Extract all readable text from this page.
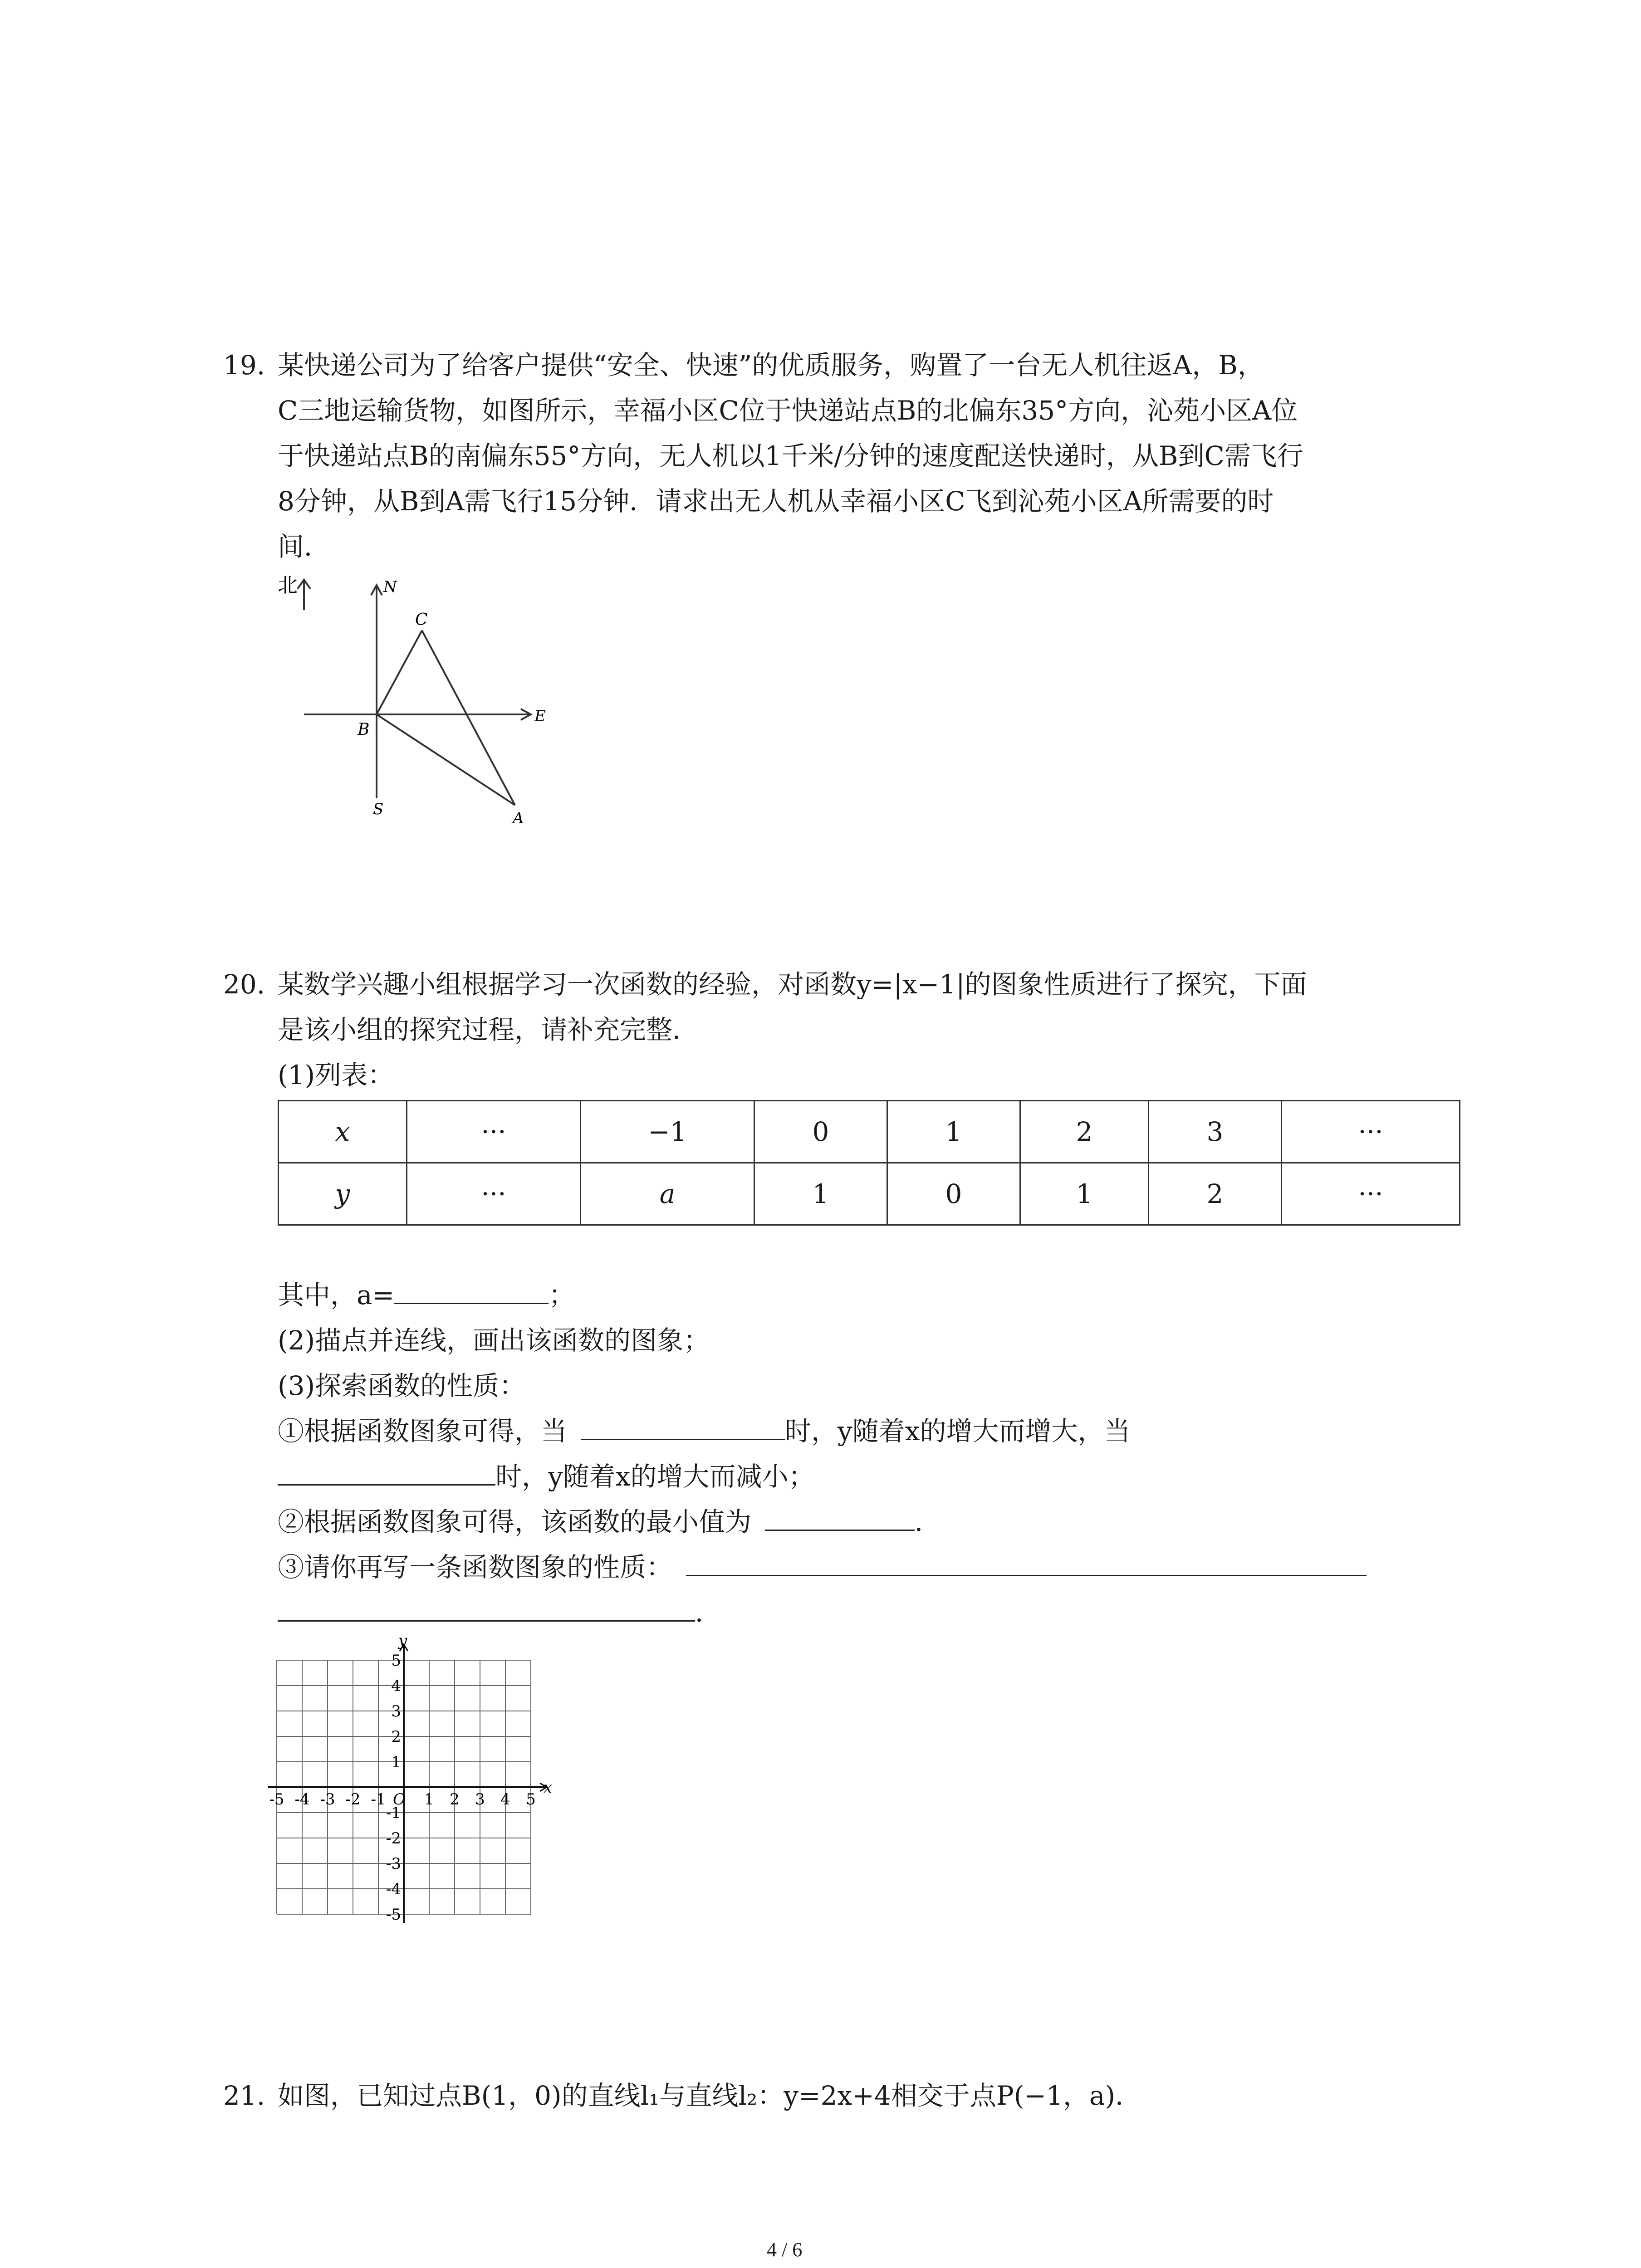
19. 某快递公司为了给客户提供“安全、快速”的优质服务，购置了一台无人机往返A，B，
C三地运输货物，如图所示，幸福小区C位于快递站点B的北偏东35°方向，沁苑小区A位
于快递站点B的南偏东55°方向，无人机以1千米/分钟的速度配送快递时，从B到C需飞行
8分钟，从B到A需飞行15分钟．请求出无人机从幸福小区C飞到沁苑小区A所需要的时
间．
北	N
C
B
E
S	A
20. 某数学兴趣小组根据学习一次函数的经验，对函数y=|x−1|的图象性质进行了探究，下面
是该小组的探究过程，请补充完整．
(1)列表：
x	···	−1	0	1	2	3	···
y	···	a	1	0	1	2	···
其中，a=	；
(2)描点并连线，画出该函数的图象；
(3)探索函数的性质：
①根据函数图象可得，当	时，y随着x的增大而增大，当
时，y随着x的增大而减小；
②根据函数图象可得，该函数的最小值为	．
③请你再写一条函数图象的性质：
．
x
y
O
-5 -4 -3 -2 -1 1 2 3 4 5
5
4
3
2
1
-1
-2
-3
-4
-5
21. 如图，已知过点B(1，0)的直线l₁与直线l₂：y=2x+4相交于点P(−1，a)．
4 / 6
